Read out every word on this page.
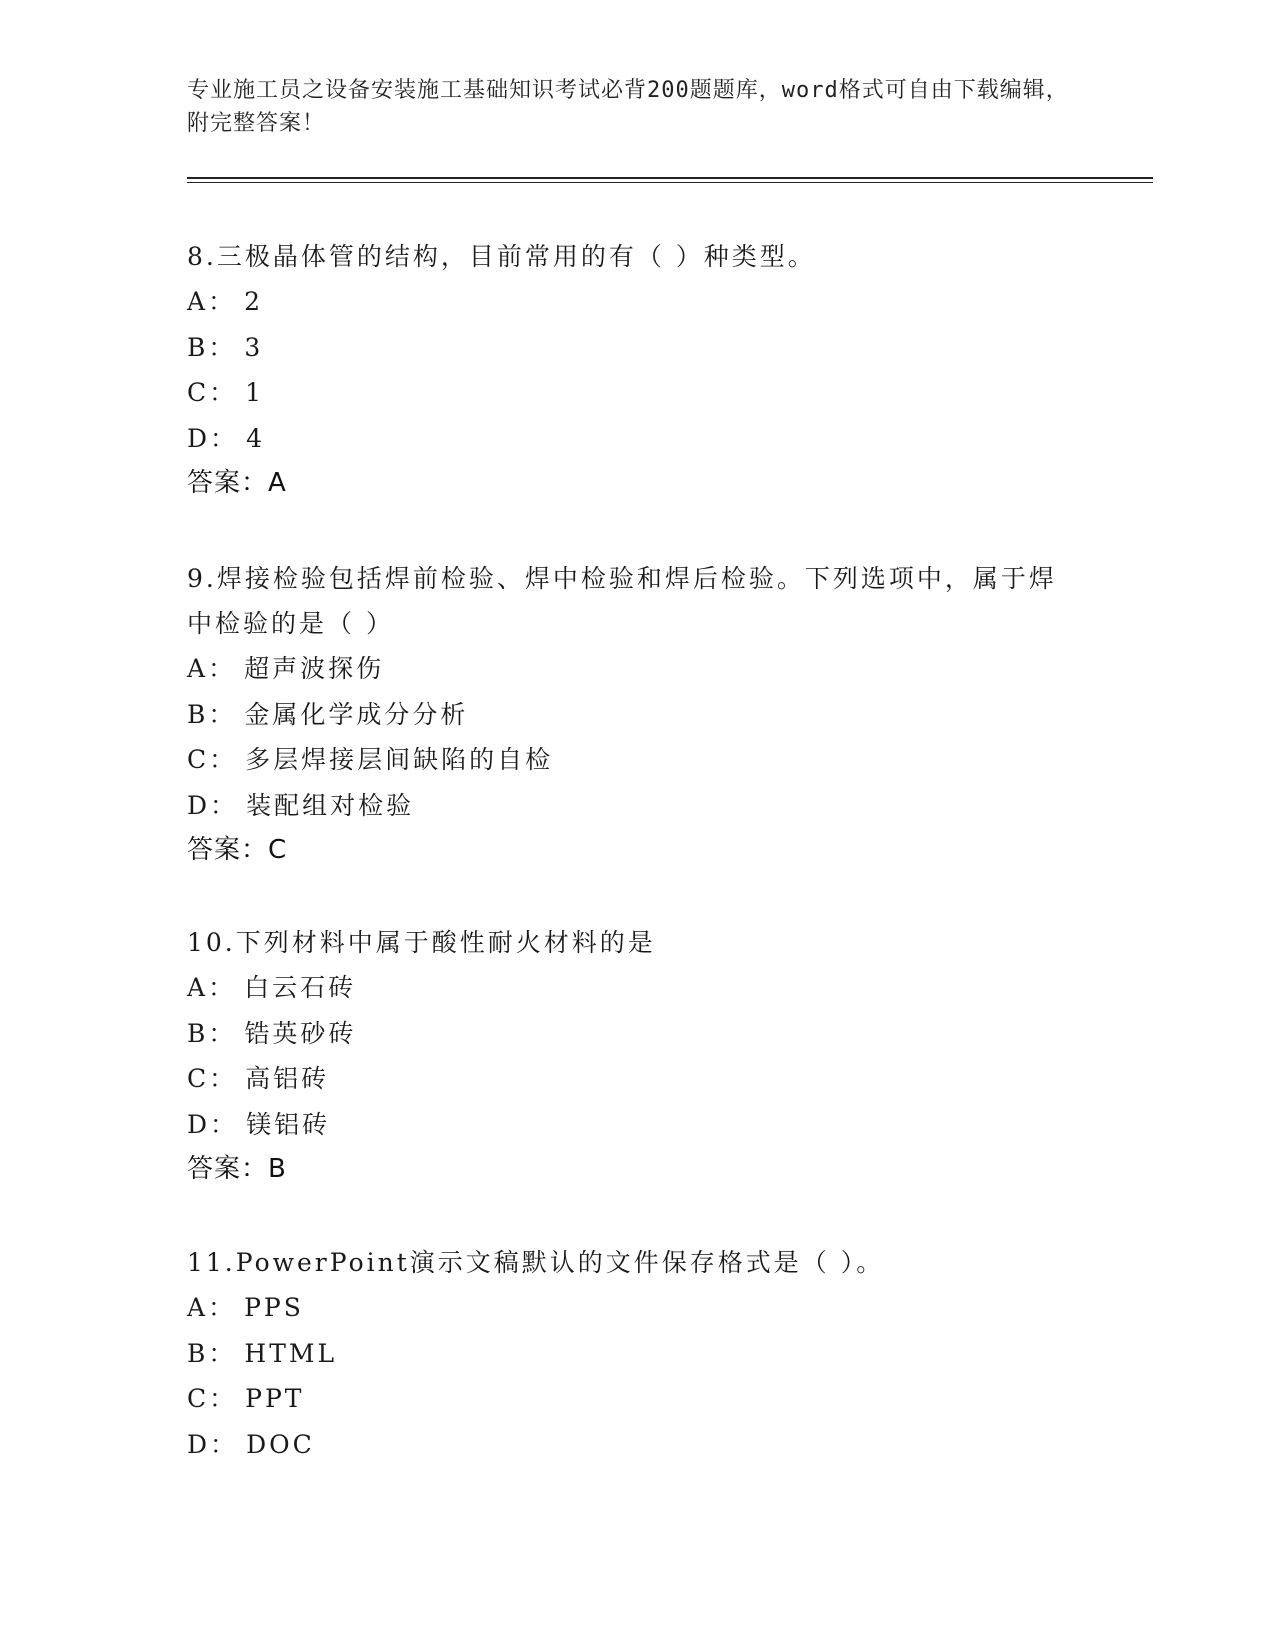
专业施工员之设备安装施工基础知识考试必背200题题库，word格式可自由下载编辑，附完整答案！
8.三极晶体管的结构，目前常用的有（ ）种类型。
A： 2
B： 3
C： 1
D： 4
答案：A
9.焊接检验包括焊前检验、焊中检验和焊后检验。下列选项中，属于焊中检验的是（ ）
A： 超声波探伤
B： 金属化学成分分析
C： 多层焊接层间缺陷的自检
D： 装配组对检验
答案：C
10.下列材料中属于酸性耐火材料的是
A： 白云石砖
B： 锆英砂砖
C： 高铝砖
D： 镁铝砖
答案：B
11.PowerPoint演示文稿默认的文件保存格式是（ ）。
A： PPS
B： HTML
C： PPT
D： DOC
